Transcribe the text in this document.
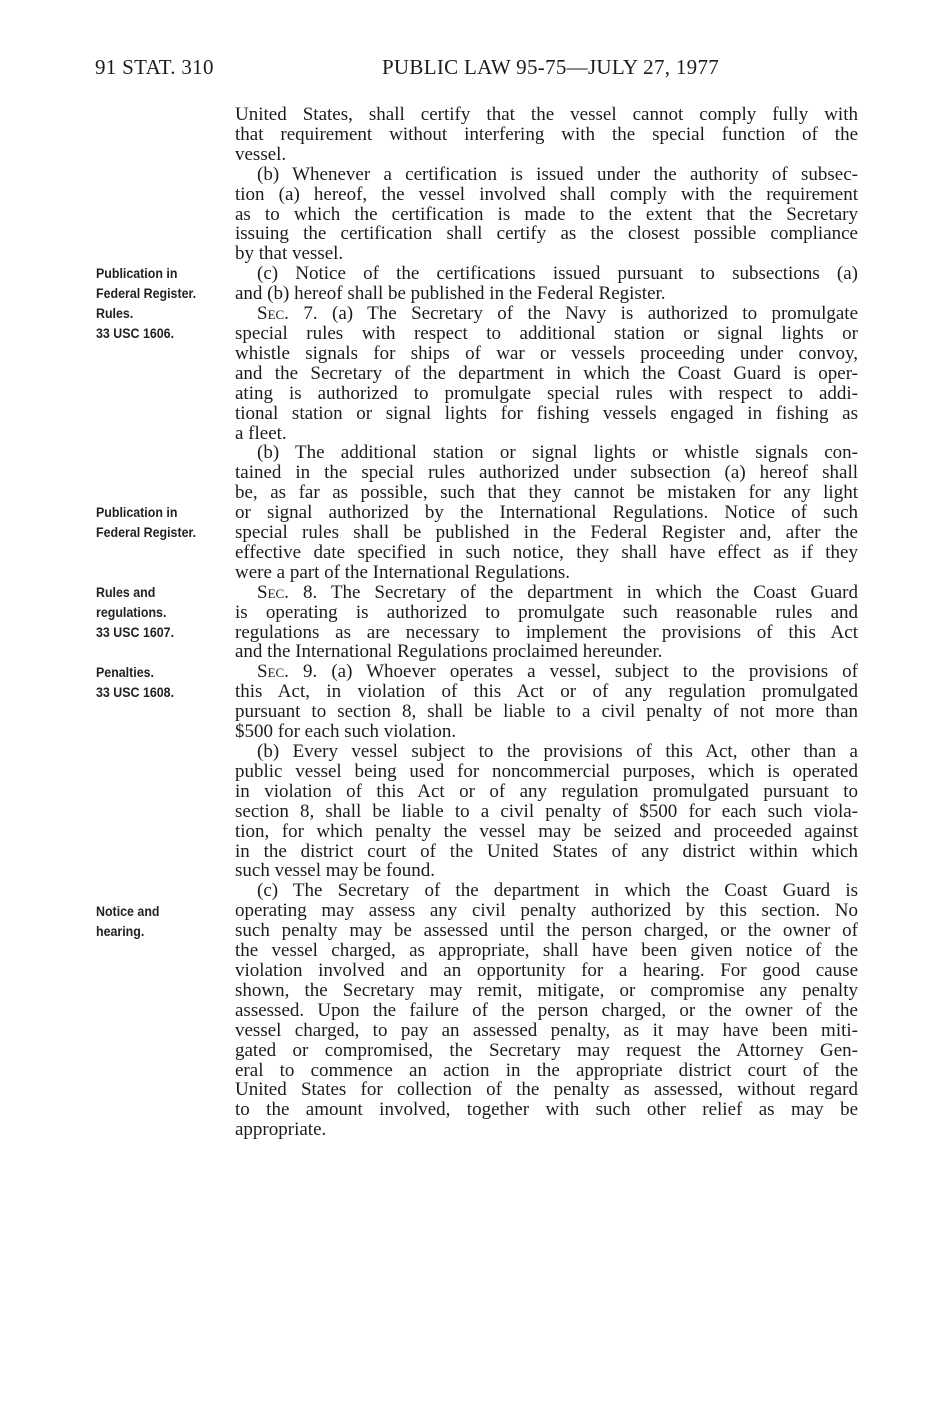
91 STAT. 310	PUBLIC LAW 95-75—JULY 27, 1977
United States, shall certify that the vessel cannot comply fully with
that requirement without interfering with the special function of the
vessel.
(b) Whenever a certification is issued under the authority of subsec-
tion (a) hereof, the vessel involved shall comply with the requirement
as to which the certification is made to the extent that the Secretary
issuing the certification shall certify as the closest possible compliance
by that vessel.
(c) Notice of the certifications issued pursuant to subsections (a)
and (b) hereof shall be published in the Federal Register.
Sec. 7. (a) The Secretary of the Navy is authorized to promulgate
special rules with respect to additional station or signal lights or
whistle signals for ships of war or vessels proceeding under convoy,
and the Secretary of the department in which the Coast Guard is oper-
ating is authorized to promulgate special rules with respect to addi-
tional station or signal lights for fishing vessels engaged in fishing as
a fleet.
(b) The additional station or signal lights or whistle signals con-
tained in the special rules authorized under subsection (a) hereof shall
be, as far as possible, such that they cannot be mistaken for any light
or signal authorized by the International Regulations. Notice of such
special rules shall be published in the Federal Register and, after the
effective date specified in such notice, they shall have effect as if they
were a part of the International Regulations.
Sec. 8. The Secretary of the department in which the Coast Guard
is operating is authorized to promulgate such reasonable rules and
regulations as are necessary to implement the provisions of this Act
and the International Regulations proclaimed hereunder.
Sec. 9. (a) Whoever operates a vessel, subject to the provisions of
this Act, in violation of this Act or of any regulation promulgated
pursuant to section 8, shall be liable to a civil penalty of not more than
$500 for each such violation.
(b) Every vessel subject to the provisions of this Act, other than a
public vessel being used for noncommercial purposes, which is operated
in violation of this Act or of any regulation promulgated pursuant to
section 8, shall be liable to a civil penalty of $500 for each such viola-
tion, for which penalty the vessel may be seized and proceeded against
in the district court of the United States of any district within which
such vessel may be found.
(c) The Secretary of the department in which the Coast Guard is
operating may assess any civil penalty authorized by this section. No
such penalty may be assessed until the person charged, or the owner of
the vessel charged, as appropriate, shall have been given notice of the
violation involved and an opportunity for a hearing. For good cause
shown, the Secretary may remit, mitigate, or compromise any penalty
assessed. Upon the failure of the person charged, or the owner of the
vessel charged, to pay an assessed penalty, as it may have been miti-
gated or compromised, the Secretary may request the Attorney Gen-
eral to commence an action in the appropriate district court of the
United States for collection of the penalty as assessed, without regard
to the amount involved, together with such other relief as may be
appropriate.
Publication in
Federal Register.
Rules.
33 USC 1606.
Publication in
Federal Register.
Rules and
regulations.
33 USC 1607.
Penalties.
33 USC 1608.
Notice and
hearing.
